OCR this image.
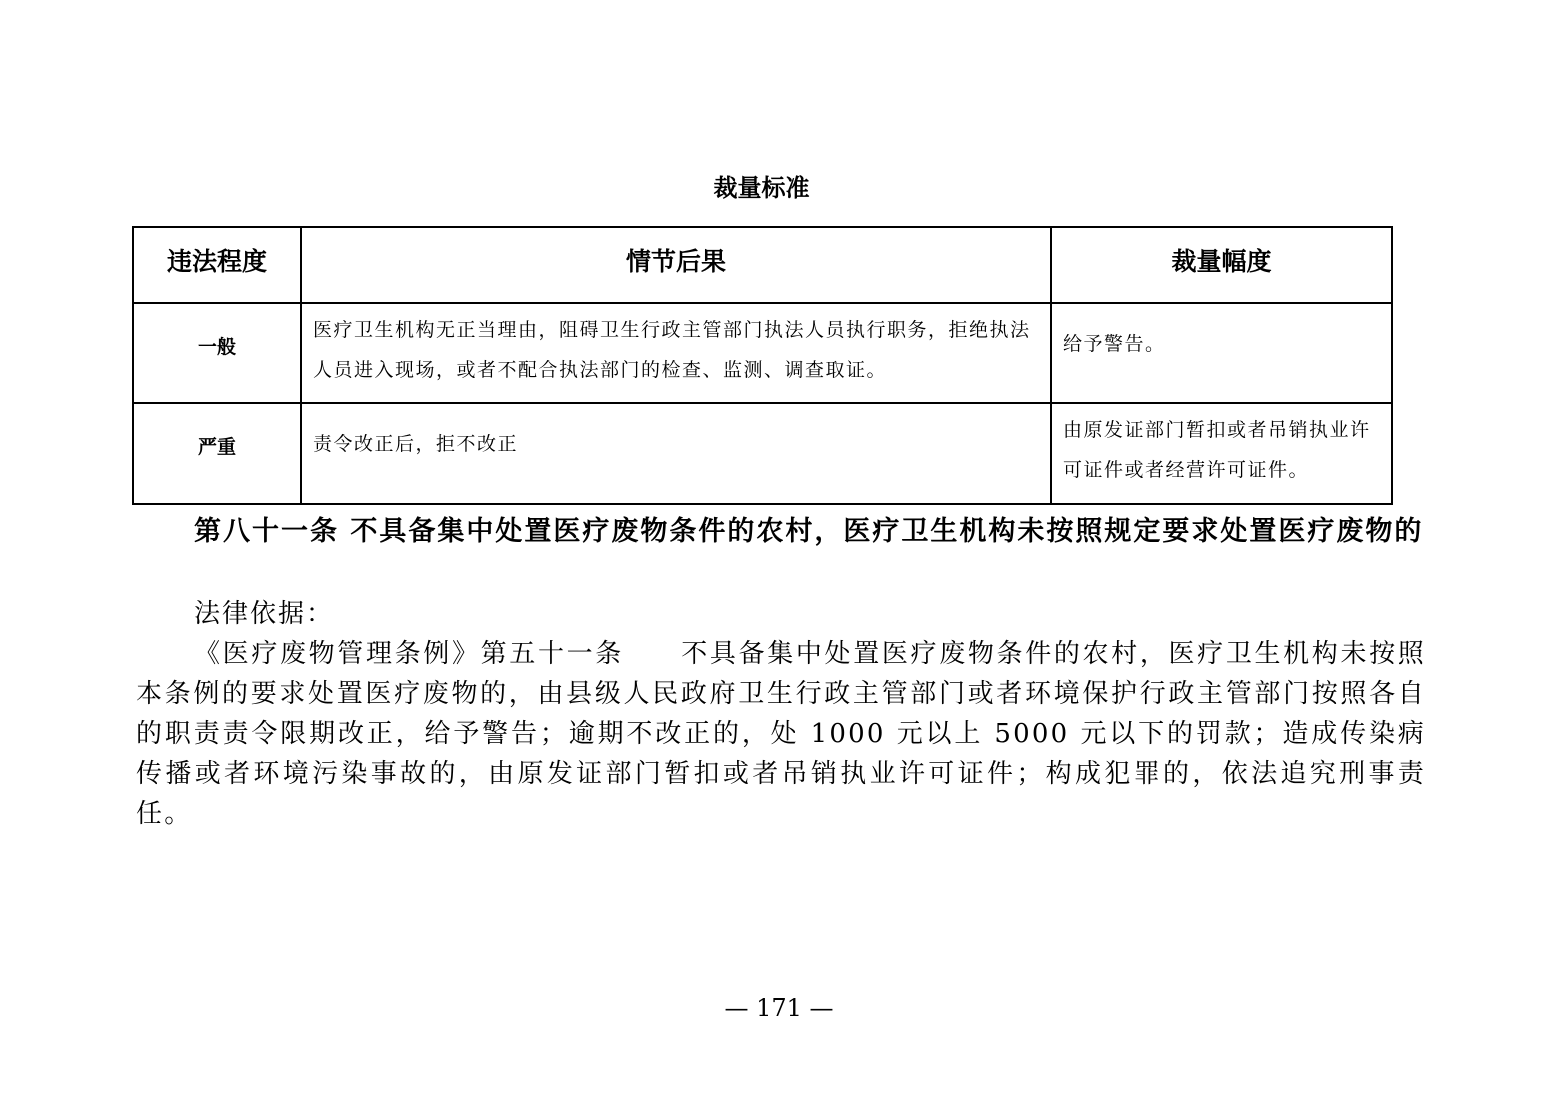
裁量标准
违法程度	情节后果	裁量幅度
一般	医疗卫生机构无正当理由，阻碍卫生行政主管部门执法人员执行职务，拒绝执法人员进入现场，或者不配合执法部门的检查、监测、调查取证。	给予警告。
严重	责令改正后，拒不改正	由原发证部门暂扣或者吊销执业许可证件或者经营许可证件。
第八十一条 不具备集中处置医疗废物条件的农村，医疗卫生机构未按照规定要求处置医疗废物的
法律依据：
《医疗废物管理条例》第五十一条　　不具备集中处置医疗废物条件的农村，医疗卫生机构未按照本条例的要求处置医疗废物的，由县级人民政府卫生行政主管部门或者环境保护行政主管部门按照各自的职责责令限期改正，给予警告；逾期不改正的，处 1000 元以上 5000 元以下的罚款；造成传染病传播或者环境污染事故的，由原发证部门暂扣或者吊销执业许可证件；构成犯罪的，依法追究刑事责任。
— 171 —
